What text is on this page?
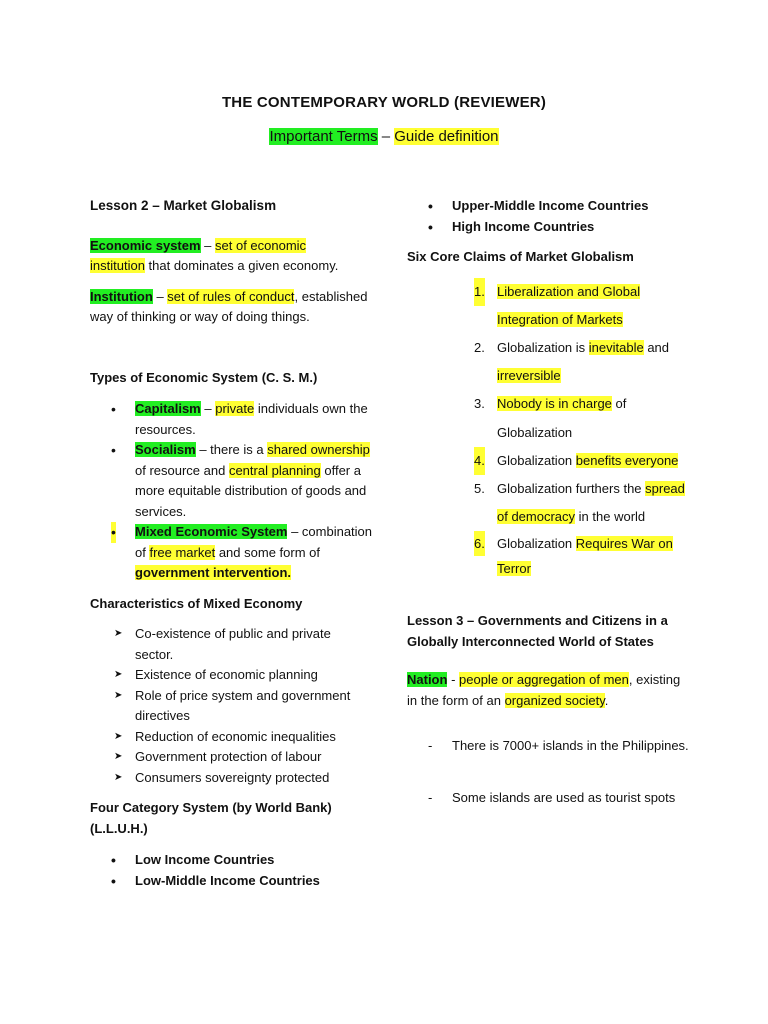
THE CONTEMPORARY WORLD (REVIEWER)
Important Terms – Guide definition

Lesson 2 – Market Globalism

Economic system – set of economic
institution that dominates a given economy.

Institution – set of rules of conduct, established way of thinking or way of doing things.

Types of Economic System (C. S. M.)

• Capitalism – private individuals own the resources.
• Socialism – there is a shared ownership of resource and central planning offer a more equitable distribution of goods and services.
• Mixed Economic System – combination of free market and some form of government intervention.

Characteristics of Mixed Economy

➤ Co-existence of public and private sector.
➤ Existence of economic planning
➤ Role of price system and government directives
➤ Reduction of economic inequalities
➤ Government protection of labour
➤ Consumers sovereignty protected

Four Category System (by World Bank) (L.L.U.H.)

• Low Income Countries
• Low-Middle Income Countries
• Upper-Middle Income Countries
• High Income Countries

Six Core Claims of Market Globalism

1. Liberalization and Global Integration of Markets
2. Globalization is inevitable and irreversible
3. Nobody is in charge of Globalization
4. Globalization benefits everyone
5. Globalization furthers the spread of democracy in the world
6. Globalization Requires War on Terror

Lesson 3 – Governments and Citizens in a Globally Interconnected World of States

Nation - people or aggregation of men, existing in the form of an organized society.

- There is 7000+ islands in the Philippines.
- Some islands are used as tourist spots
